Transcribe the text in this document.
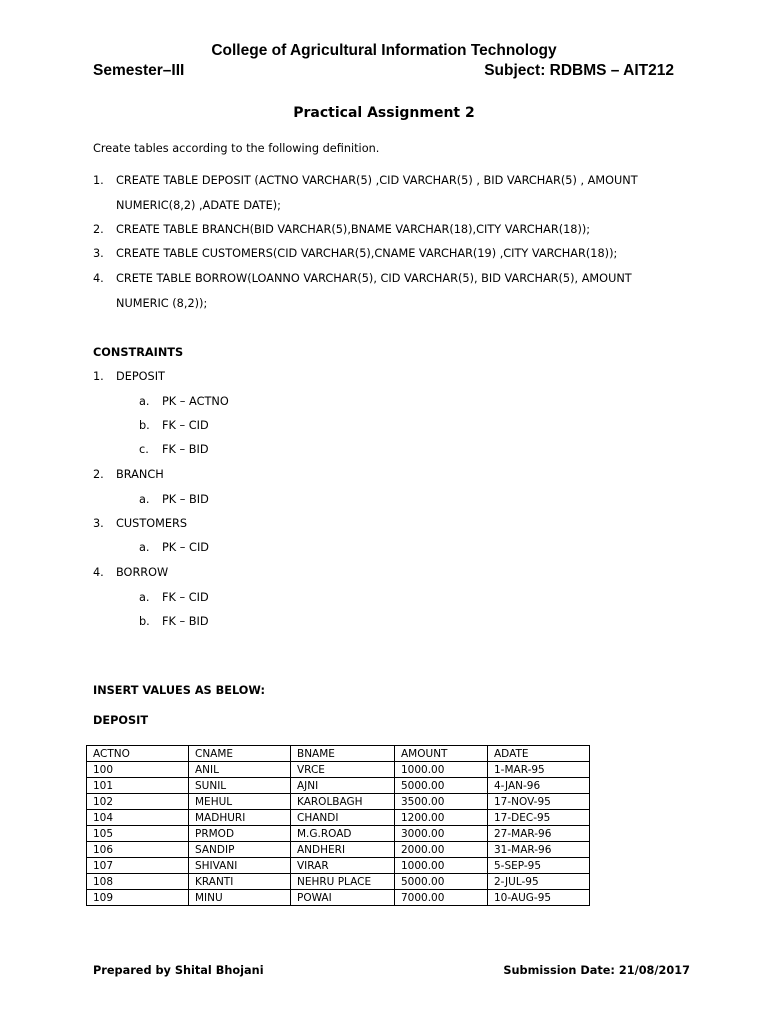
College of Agricultural Information Technology
Semester–III	Subject: RDBMS – AIT212
Practical Assignment 2
Create tables according to the following definition.
1. CREATE TABLE DEPOSIT (ACTNO VARCHAR(5) ,CID VARCHAR(5) , BID VARCHAR(5) , AMOUNT
NUMERIC(8,2) ,ADATE DATE);
2. CREATE TABLE BRANCH(BID VARCHAR(5),BNAME VARCHAR(18),CITY VARCHAR(18));
3. CREATE TABLE CUSTOMERS(CID VARCHAR(5),CNAME VARCHAR(19) ,CITY VARCHAR(18));
4. CRETE TABLE BORROW(LOANNO VARCHAR(5), CID VARCHAR(5), BID VARCHAR(5), AMOUNT
NUMERIC (8,2));
CONSTRAINTS
1. DEPOSIT
a. PK – ACTNO
b. FK – CID
c. FK – BID
2. BRANCH
a. PK – BID
3. CUSTOMERS
a. PK – CID
4. BORROW
a. FK – CID
b. FK – BID
INSERT VALUES AS BELOW:
DEPOSIT
ACTNO	CNAME	BNAME	AMOUNT	ADATE
100	ANIL	VRCE	1000.00	1-MAR-95
101	SUNIL	AJNI	5000.00	4-JAN-96
102	MEHUL	KAROLBAGH	3500.00	17-NOV-95
104	MADHURI	CHANDI	1200.00	17-DEC-95
105	PRMOD	M.G.ROAD	3000.00	27-MAR-96
106	SANDIP	ANDHERI	2000.00	31-MAR-96
107	SHIVANI	VIRAR	1000.00	5-SEP-95
108	KRANTI	NEHRU PLACE	5000.00	2-JUL-95
109	MINU	POWAI	7000.00	10-AUG-95
Prepared by Shital Bhojani	Submission Date: 21/08/2017
